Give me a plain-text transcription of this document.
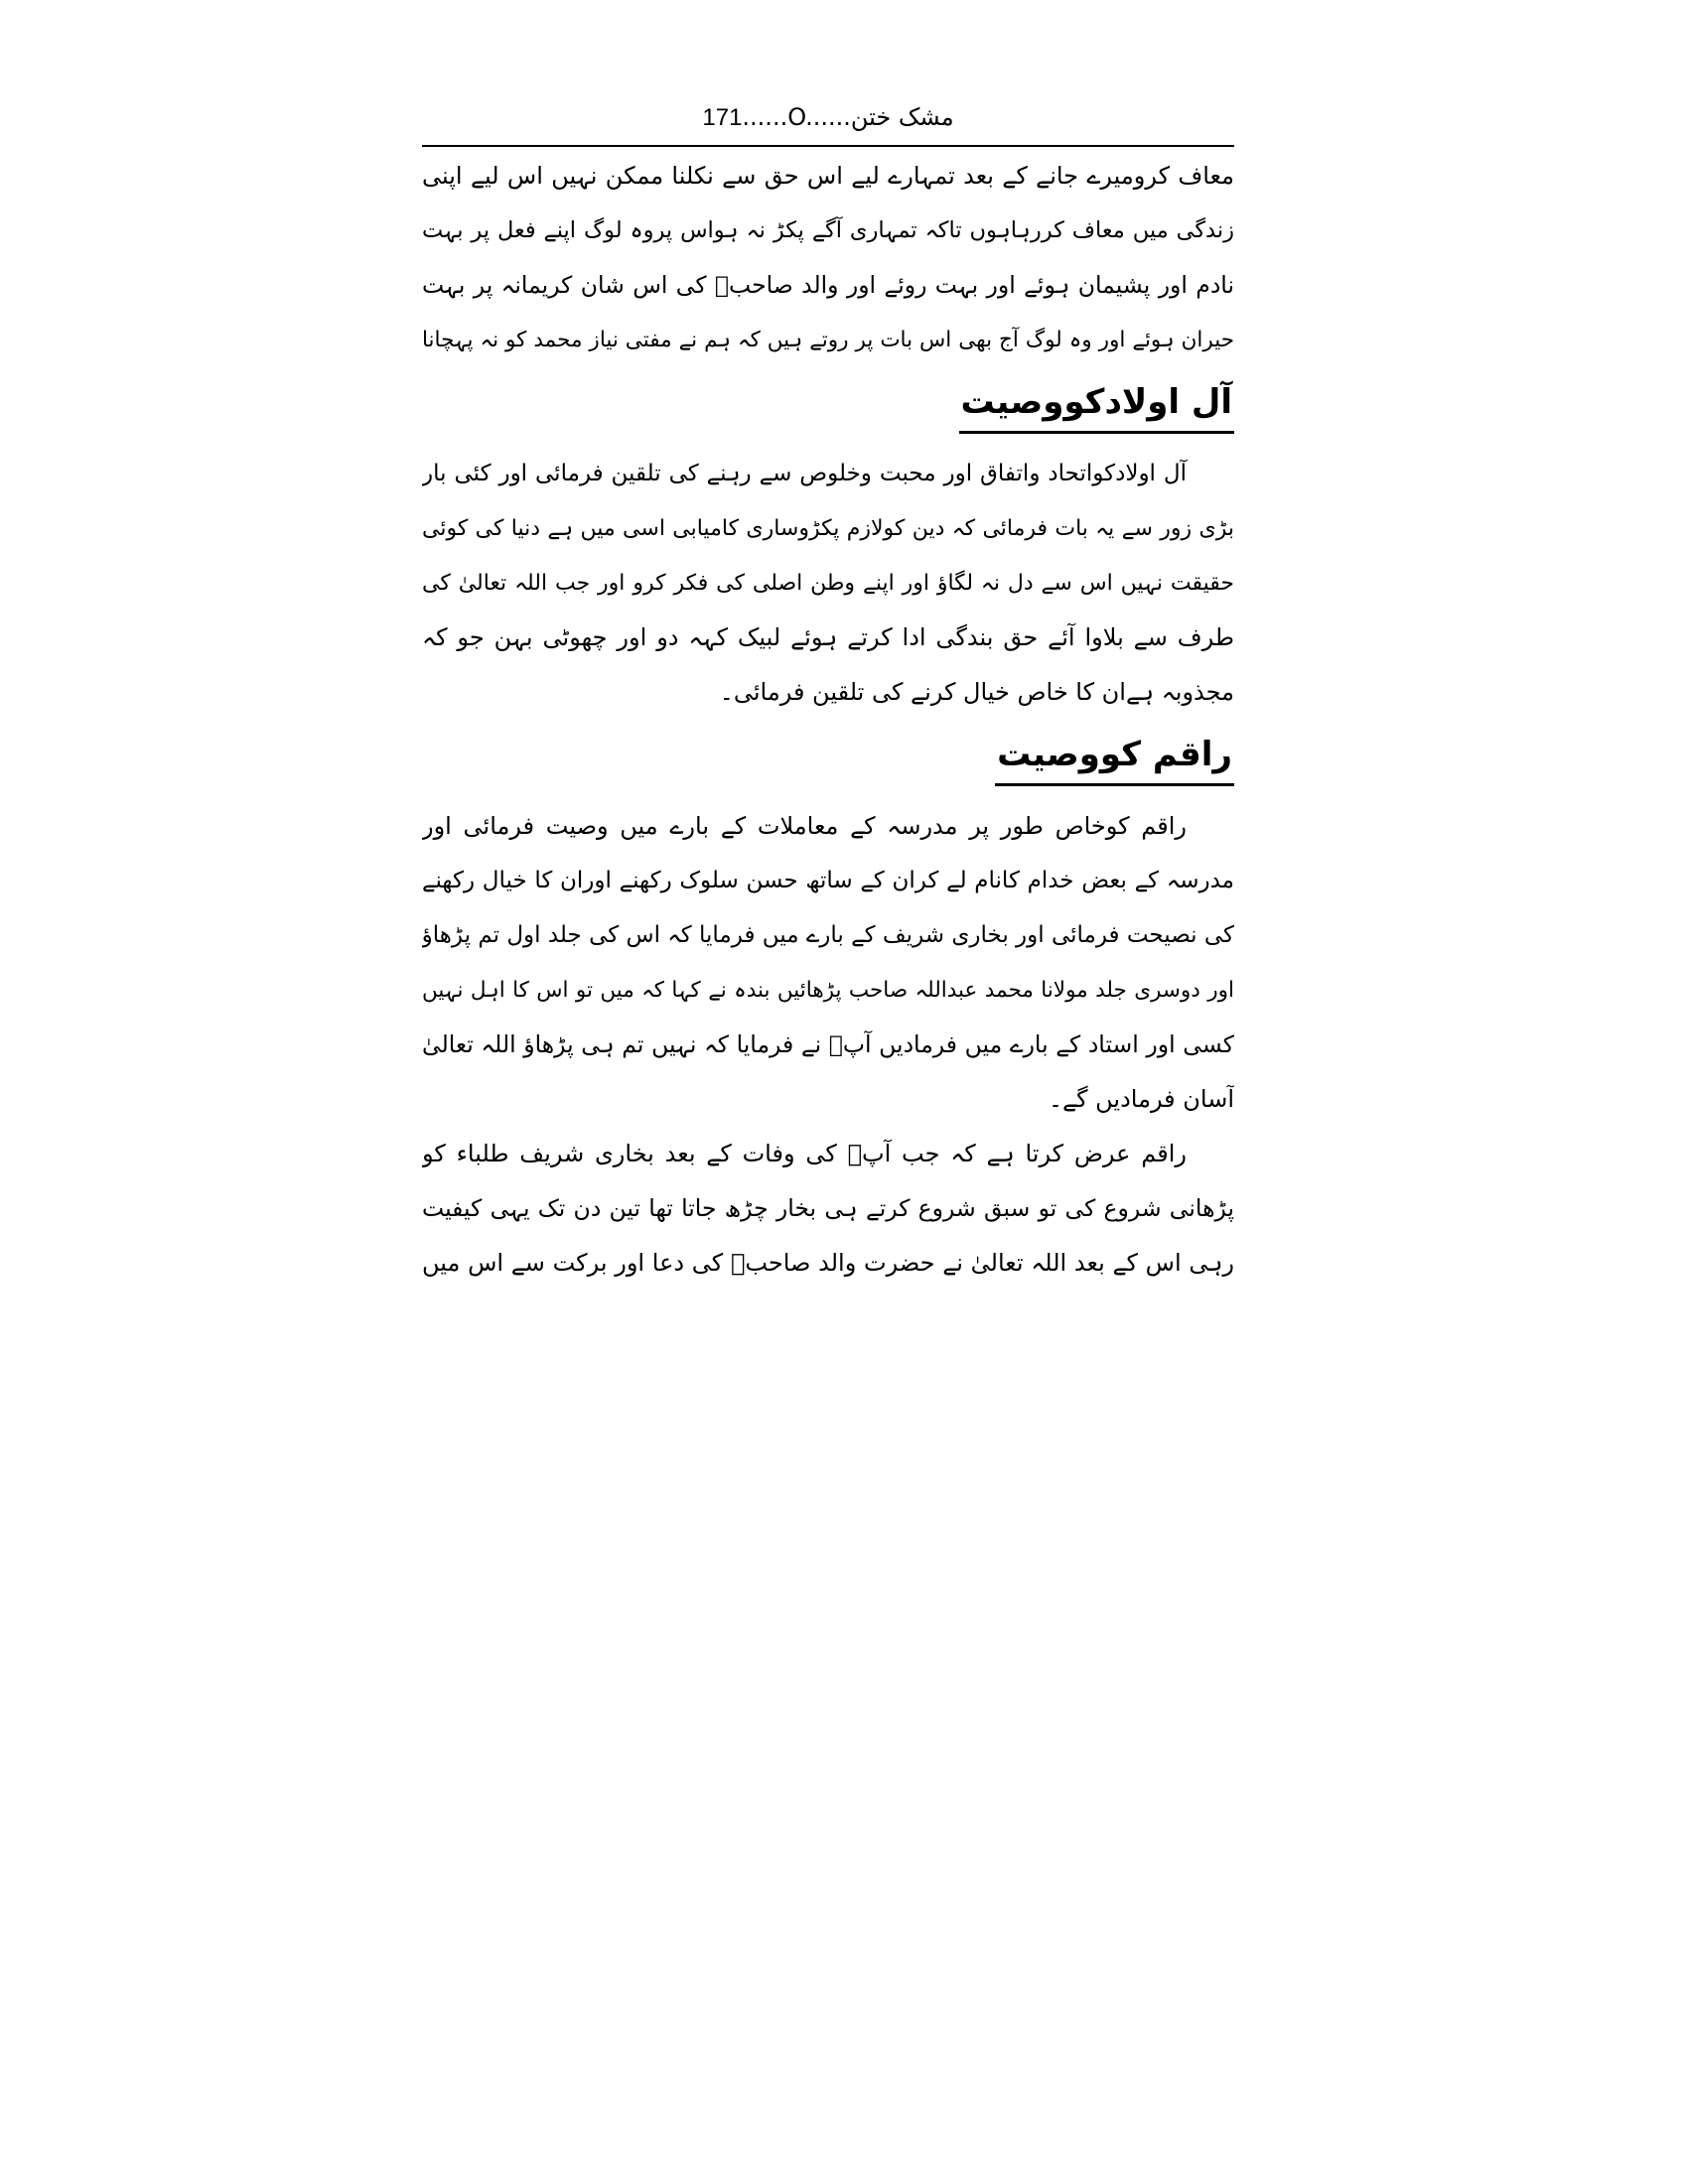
171......O......مشک ختن
معاف کرومیرے جانے کے بعد تمہارے لیے اس حق سے نکلنا ممکن نہیں اس لیے اپنی
زندگی میں معاف کررہاہوں تاکہ تمہاری آگے پکڑ نہ ہواس پروہ لوگ اپنے فعل پر بہت
نادم اور پشیمان ہوئے اور بہت روئے اور والد صاحبؒ کی اس شان کریمانہ پر بہت
حیران ہوئے اور وہ لوگ آج بھی اس بات پر روتے ہیں کہ ہم نے مفتی نیاز محمد کو نہ پہچانا
آل اولادکووصیت
آل اولادکواتحاد واتفاق اور محبت وخلوص سے رہنے کی تلقین فرمائی اور کئی بار
بڑی زور سے یہ بات فرمائی کہ دین کولازم پکڑوساری کامیابی اسی میں ہے دنیا کی کوئی
حقیقت نہیں اس سے دل نہ لگاؤ اور اپنے وطن اصلی کی فکر کرو اور جب اللہ تعالیٰ کی
طرف سے بلاوا آئے حق بندگی ادا کرتے ہوئے لبیک کہہ دو اور چھوٹی بہن جو کہ
مجذوبہ ہےان کا خاص خیال کرنے کی تلقین فرمائی۔
راقم کووصیت
راقم کوخاص طور پر مدرسہ کے معاملات کے بارے میں وصیت فرمائی اور
مدرسہ کے بعض خدام کانام لے کران کے ساتھ حسن سلوک رکھنے اوران کا خیال رکھنے
کی نصیحت فرمائی اور بخاری شریف کے بارے میں فرمایا کہ اس کی جلد اول تم پڑھاؤ
اور دوسری جلد مولانا محمد عبداللہ صاحب پڑھائیں بندہ نے کہا کہ میں تو اس کا اہل نہیں
کسی اور استاد کے بارے میں فرمادیں آپؒ نے فرمایا کہ نہیں تم ہی پڑھاؤ اللہ تعالیٰ
آسان فرمادیں گے۔
راقم عرض کرتا ہے کہ جب آپؒ کی وفات کے بعد بخاری شریف طلباء کو
پڑھانی شروع کی تو سبق شروع کرتے ہی بخار چڑھ جاتا تھا تین دن تک یہی کیفیت
رہی اس کے بعد اللہ تعالیٰ نے حضرت والد صاحبؒ کی دعا اور برکت سے اس میں
